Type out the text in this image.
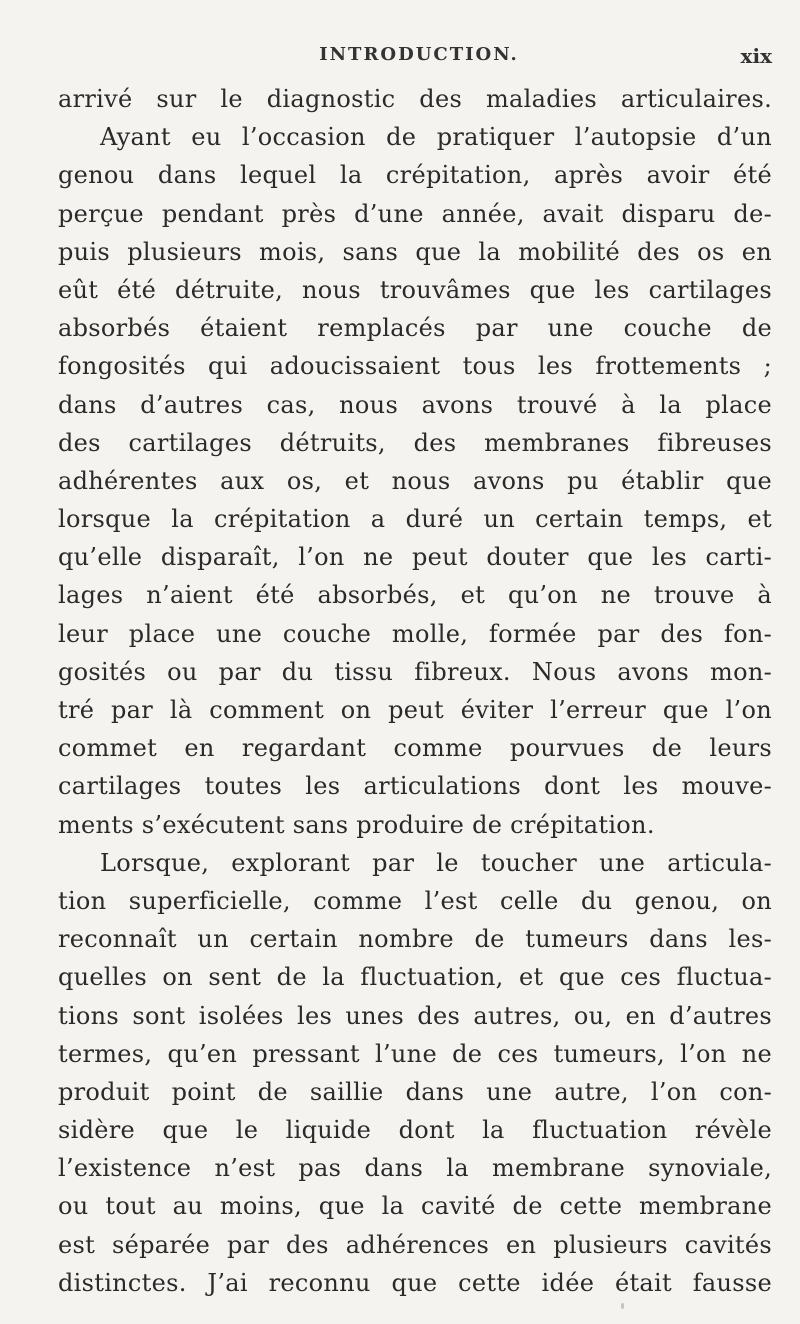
INTRODUCTION.	xix
arrivé sur le diagnostic des maladies articulaires.
Ayant eu l’occasion de pratiquer l’autopsie d’un
genou dans lequel la crépitation, après avoir été
perçue pendant près d’une année, avait disparu de-
puis plusieurs mois, sans que la mobilité des os en
eût été détruite, nous trouvâmes que les cartilages
absorbés étaient remplacés par une couche de
fongosités qui adoucissaient tous les frottements ;
dans d’autres cas, nous avons trouvé à la place
des cartilages détruits, des membranes fibreuses
adhérentes aux os, et nous avons pu établir que
lorsque la crépitation a duré un certain temps, et
qu’elle disparaît, l’on ne peut douter que les carti-
lages n’aient été absorbés, et qu’on ne trouve à
leur place une couche molle, formée par des fon-
gosités ou par du tissu fibreux. Nous avons mon-
tré par là comment on peut éviter l’erreur que l’on
commet en regardant comme pourvues de leurs
cartilages toutes les articulations dont les mouve-
ments s’exécutent sans produire de crépitation.
Lorsque, explorant par le toucher une articula-
tion superficielle, comme l’est celle du genou, on
reconnaît un certain nombre de tumeurs dans les-
quelles on sent de la fluctuation, et que ces fluctua-
tions sont isolées les unes des autres, ou, en d’autres
termes, qu’en pressant l’une de ces tumeurs, l’on ne
produit point de saillie dans une autre, l’on con-
sidère que le liquide dont la fluctuation révèle
l’existence n’est pas dans la membrane synoviale,
ou tout au moins, que la cavité de cette membrane
est séparée par des adhérences en plusieurs cavités
distinctes. J’ai reconnu que cette idée était fausse
